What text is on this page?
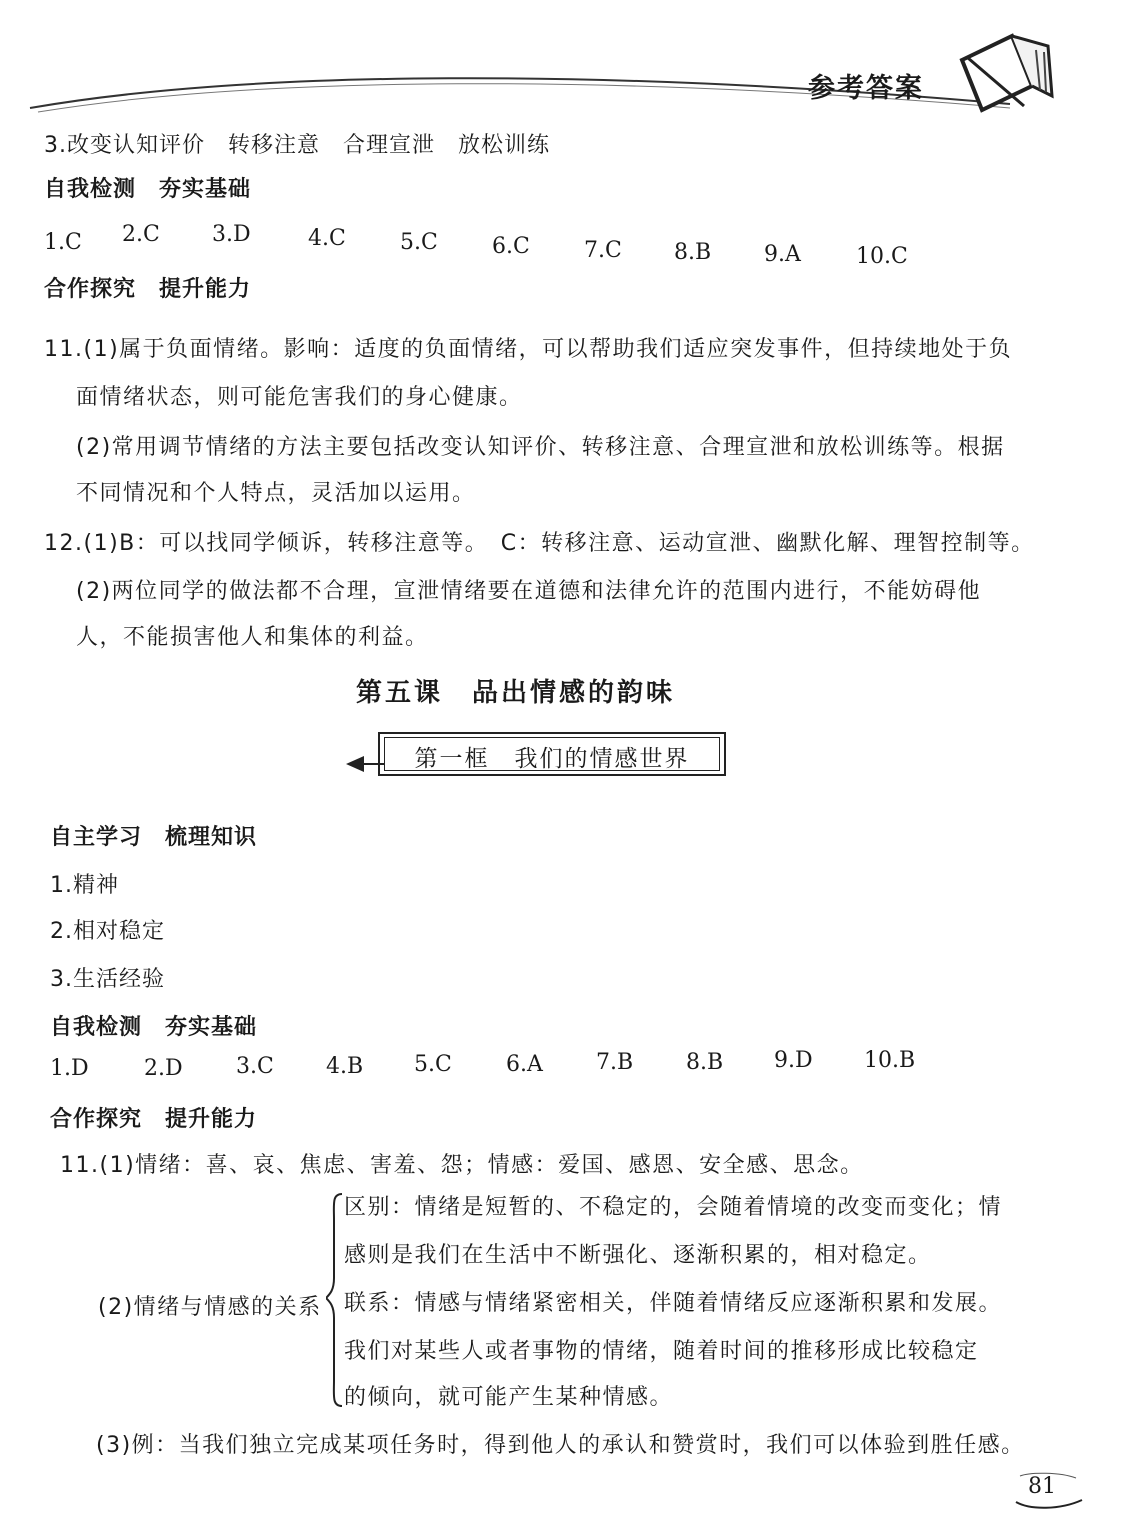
参考答案
3.改变认知评价　转移注意　合理宣泄　放松训练
自我检测　夯实基础
1.C 2.C 3.D	4.C 5.C 6.C 7.C 8.B 9.A	10.C
合作探究　提升能力
11.(1)属于负面情绪。影响：适度的负面情绪，可以帮助我们适应突发事件，但持续地处于负
面情绪状态，则可能危害我们的身心健康。
(2)常用调节情绪的方法主要包括改变认知评价、转移注意、合理宣泄和放松训练等。根据
不同情况和个人特点，灵活加以运用。
12.(1)B：可以找同学倾诉，转移注意等。　C：转移注意、运动宣泄、幽默化解、理智控制等。
(2)两位同学的做法都不合理，宣泄情绪要在道德和法律允许的范围内进行，不能妨碍他
人，不能损害他人和集体的利益。
第五课　品出情感的韵味
第一框　我们的情感世界
自主学习　梳理知识
1.精神
2.相对稳定
3.生活经验
自我检测　夯实基础
1.D	2.D 3.C 4.B 5.C 6.A 7.B 8.B 9.D 10.B
合作探究　提升能力
11.(1)情绪：喜、哀、焦虑、害羞、怨；情感：爱国、感恩、安全感、思念。
(2)情绪与情感的关系
区别：情绪是短暂的、不稳定的，会随着情境的改变而变化；情
感则是我们在生活中不断强化、逐渐积累的，相对稳定。
联系：情感与情绪紧密相关，伴随着情绪反应逐渐积累和发展。
我们对某些人或者事物的情绪，随着时间的推移形成比较稳定
的倾向，就可能产生某种情感。
(3)例：当我们独立完成某项任务时，得到他人的承认和赞赏时，我们可以体验到胜任感。
81
